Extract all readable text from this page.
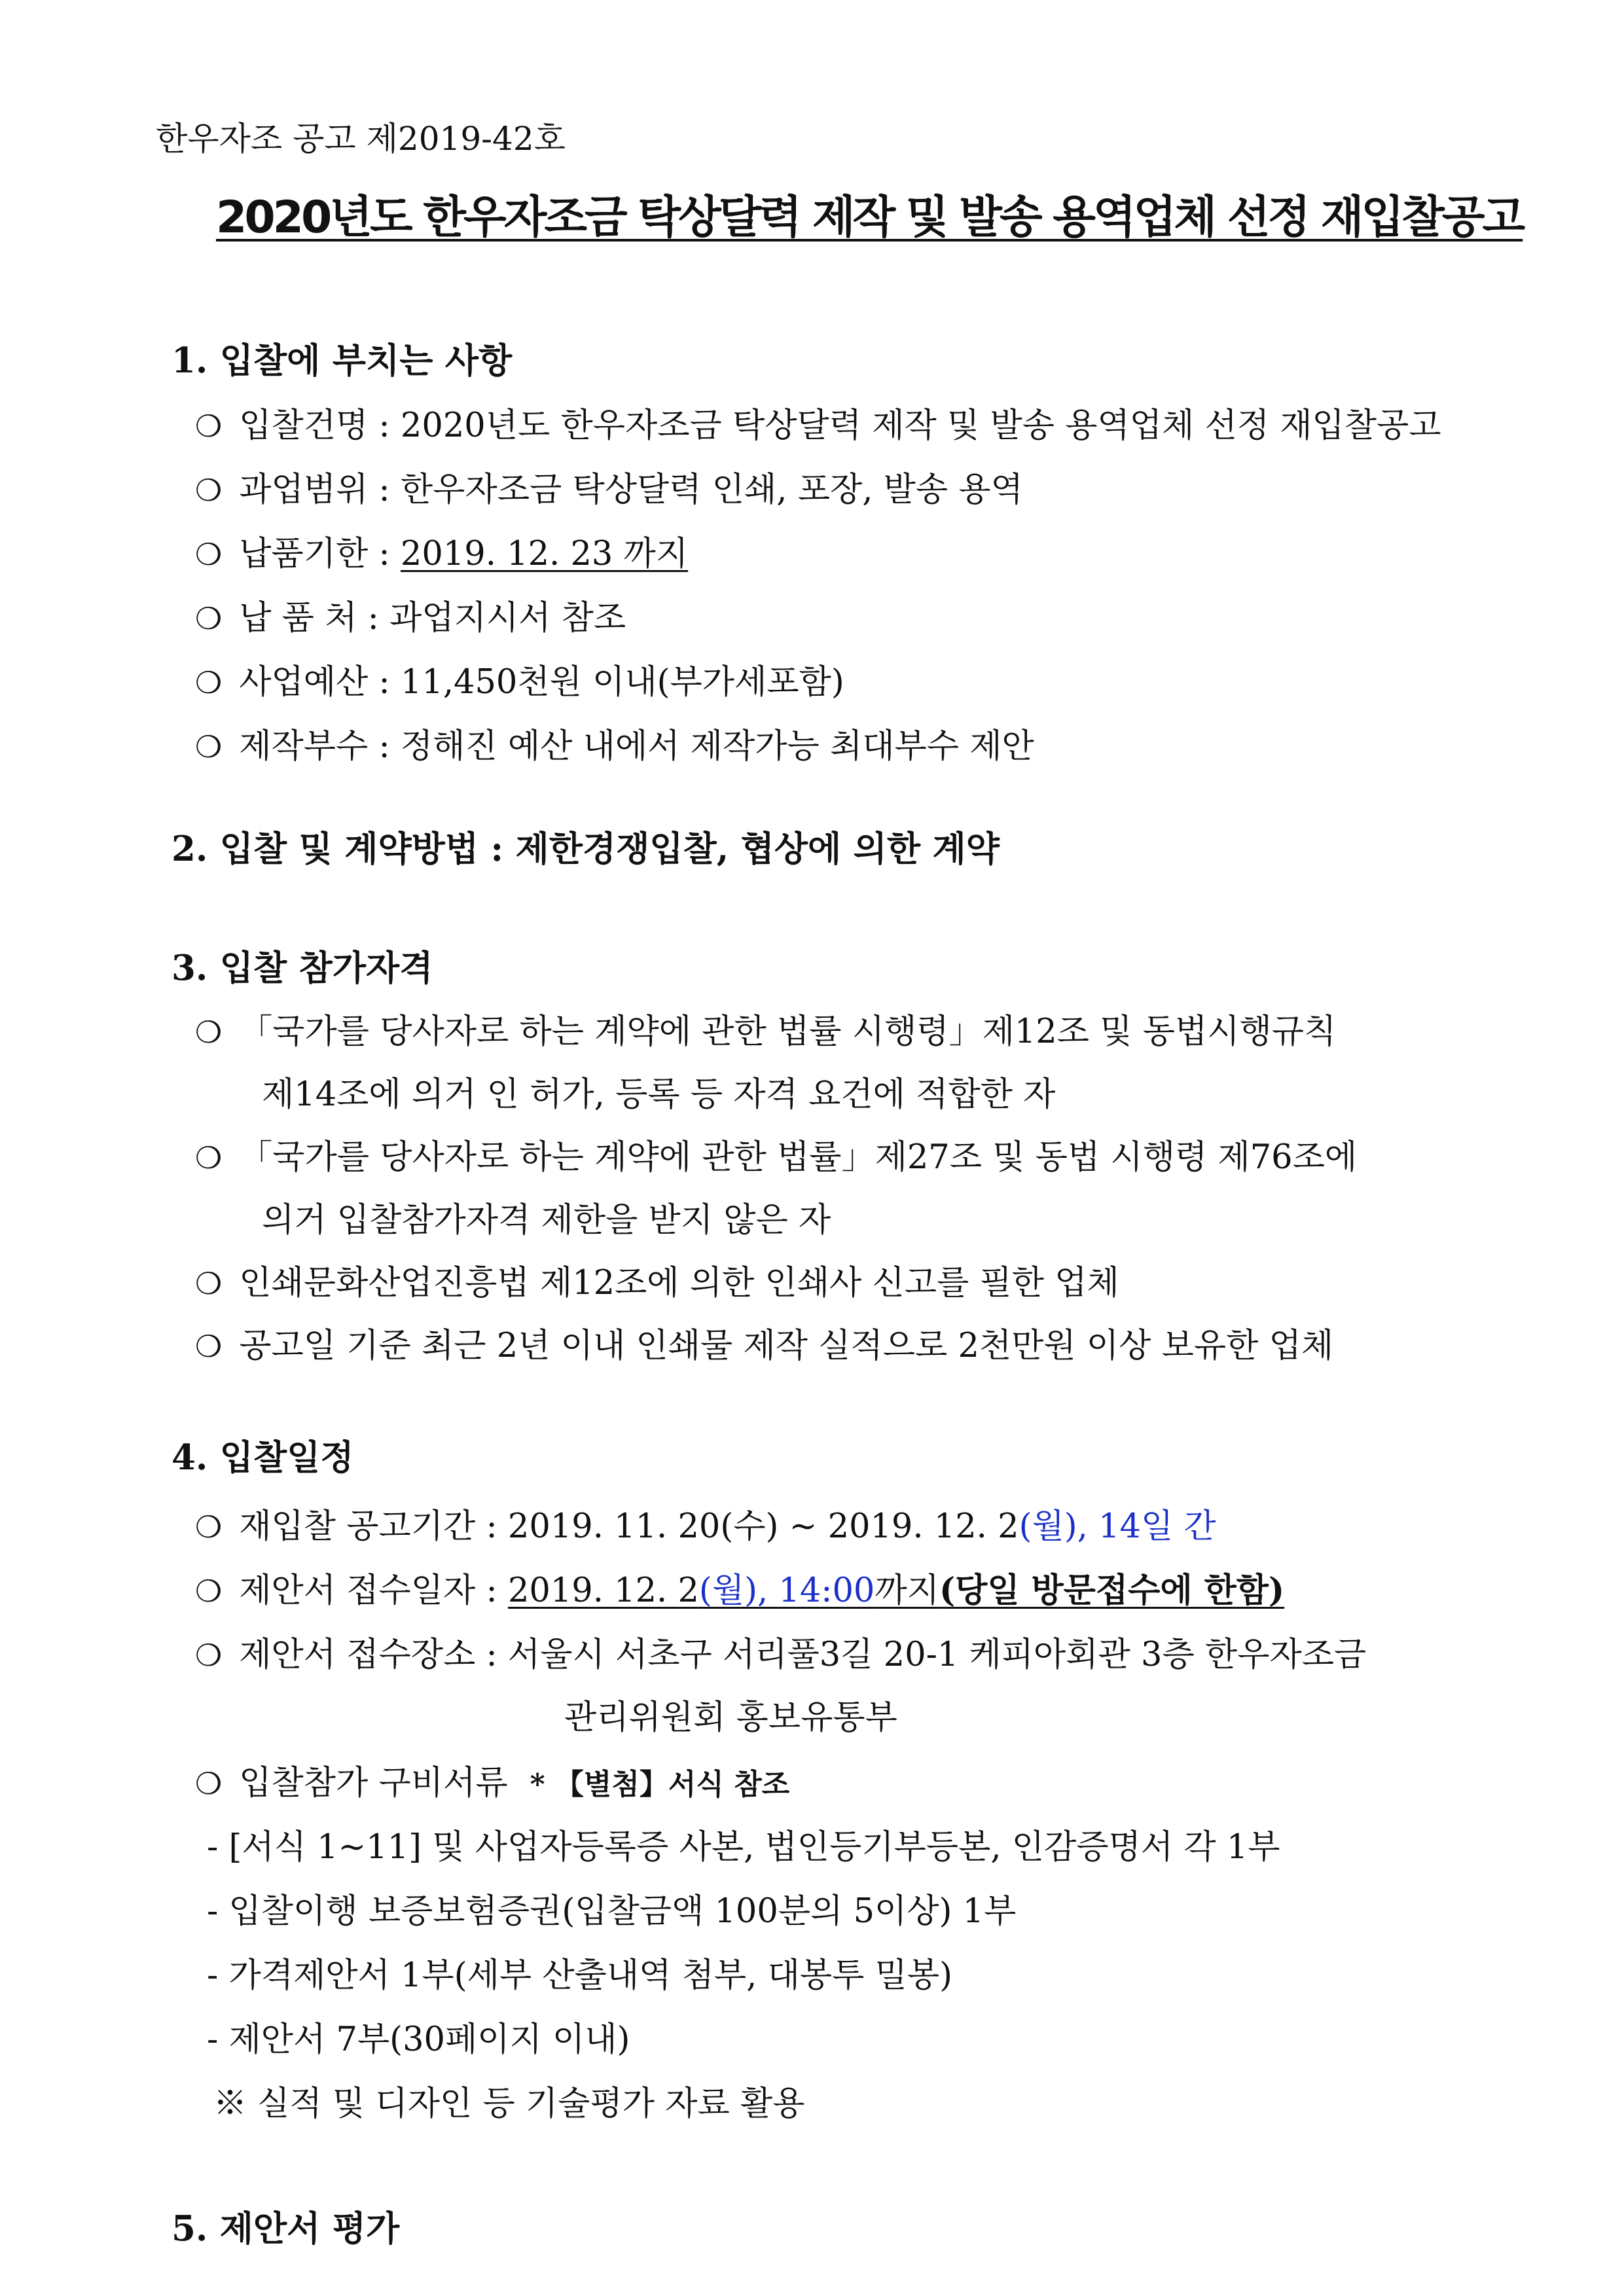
한우자조 공고 제2019-42호
2020년도 한우자조금 탁상달력 제작 및 발송 용역업체 선정 재입찰공고
1. 입찰에 부치는 사항
❍ 입찰건명 : 2020년도 한우자조금 탁상달력 제작 및 발송 용역업체 선정 재입찰공고
❍ 과업범위 : 한우자조금 탁상달력 인쇄, 포장, 발송 용역
❍ 납품기한 : 2019. 12. 23 까지
❍ 납 품 처 : 과업지시서 참조
❍ 사업예산 : 11,450천원 이내(부가세포함)
❍ 제작부수 : 정해진 예산 내에서 제작가능 최대부수 제안
2. 입찰 및 계약방법 : 제한경쟁입찰, 협상에 의한 계약
3. 입찰 참가자격
❍ 「국가를 당사자로 하는 계약에 관한 법률 시행령」제12조 및 동법시행규칙
제14조에 의거 인 허가, 등록 등 자격 요건에 적합한 자
❍ 「국가를 당사자로 하는 계약에 관한 법률」제27조 및 동법 시행령 제76조에
의거 입찰참가자격 제한을 받지 않은 자
❍ 인쇄문화산업진흥법 제12조에 의한 인쇄사 신고를 필한 업체
❍ 공고일 기준 최근 2년 이내 인쇄물 제작 실적으로 2천만원 이상 보유한 업체
4. 입찰일정
❍ 재입찰 공고기간 : 2019. 11. 20(수) ~ 2019. 12. 2(월), 14일 간
❍ 제안서 접수일자 : 2019. 12. 2(월), 14:00까지(당일 방문접수에 한함)
❍ 제안서 접수장소 : 서울시 서초구 서리풀3길 20-1 케피아회관 3층 한우자조금
관리위원회 홍보유통부
❍ 입찰참가 구비서류 * 【별첨】서식 참조
- [서식 1~11] 및 사업자등록증 사본, 법인등기부등본, 인감증명서 각 1부
- 입찰이행 보증보험증권(입찰금액 100분의 5이상) 1부
- 가격제안서 1부(세부 산출내역 첨부, 대봉투 밀봉)
- 제안서 7부(30페이지 이내)
※ 실적 및 디자인 등 기술평가 자료 활용
5. 제안서 평가
